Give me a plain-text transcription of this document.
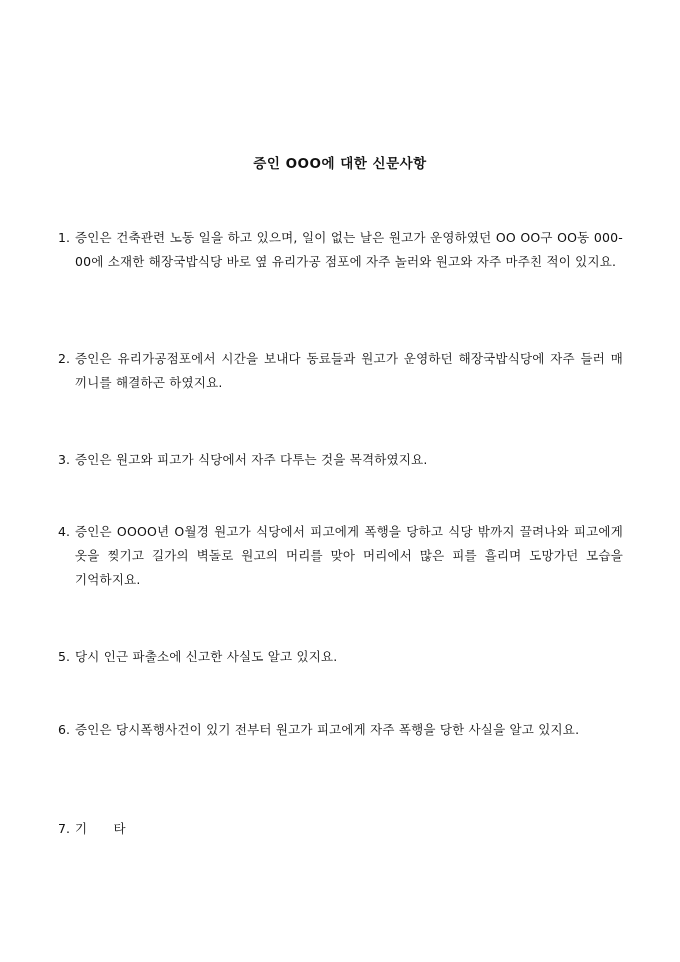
증인 OOO에 대한 신문사항
1. 증인은 건축관련 노동 일을 하고 있으며, 일이 없는 날은 원고가 운영하였던 OO OO구 OO동 000-00에 소재한 해장국밥식당 바로 옆 유리가공 점포에 자주 놀러와 원고와 자주 마주친 적이 있지요.
2. 증인은 유리가공점포에서 시간을 보내다 동료들과 원고가 운영하던 해장국밥식당에 자주 들러 매 끼니를 해결하곤 하였지요.
3. 증인은 원고와 피고가 식당에서 자주 다투는 것을 목격하였지요.
4. 증인은 OOOO년 O월경 원고가 식당에서 피고에게 폭행을 당하고 식당 밖까지 끌려나와 피고에게 옷을 찢기고 길가의 벽돌로 원고의 머리를 맞아 머리에서 많은 피를 흘리며 도망가던 모습을 기억하지요.
5. 당시 인근 파출소에 신고한 사실도 알고 있지요.
6. 증인은 당시폭행사건이 있기 전부터 원고가 피고에게 자주 폭행을 당한 사실을 알고 있지요.
7. 기 타
